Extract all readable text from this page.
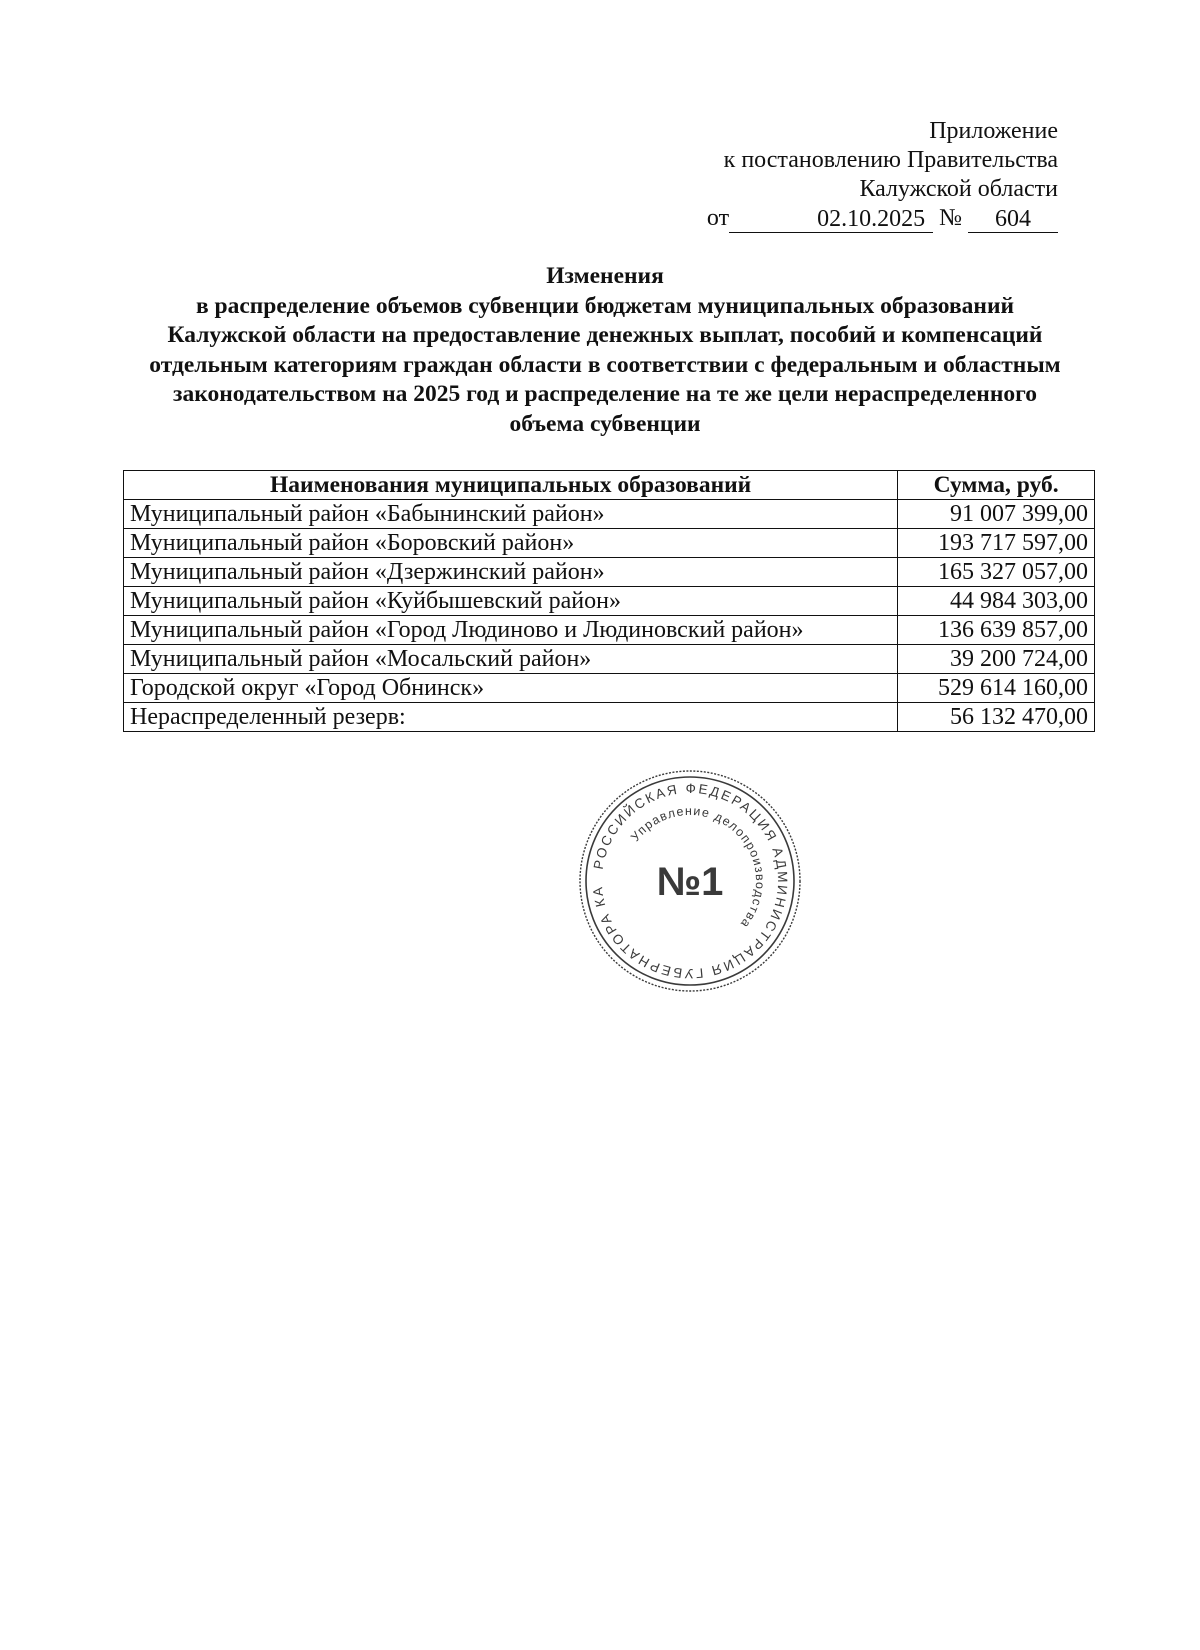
Приложение
к постановлению Правительства
Калужской области
от	02.10.2025 №	604
Изменения
в распределение объемов субвенции бюджетам муниципальных образований
Калужской области на предоставление денежных выплат, пособий и компенсаций
отдельным категориям граждан области в соответствии с федеральным и областным
законодательством на 2025 год и распределение на те же цели нераспределенного
объема субвенции
Наименования муниципальных образований	Сумма, руб.
Муниципальный район «Бабынинский район»	91 007 399,00
Муниципальный район «Боровский район»	193 717 597,00
Муниципальный район «Дзержинский район»	165 327 057,00
Муниципальный район «Куйбышевский район»	44 984 303,00
Муниципальный район «Город Людиново и Людиновский район»	136 639 857,00
Муниципальный район «Мосальский район»	39 200 724,00
Городской округ «Город Обнинск»	529 614 160,00
Нераспределенный резерв:	56 132 470,00
РОССИЙСКАЯ ФЕДЕРАЦИЯ АДМИНИСТРАЦИЯ ГУБЕРНАТОРА КА
Управление делопроизводства
№1
